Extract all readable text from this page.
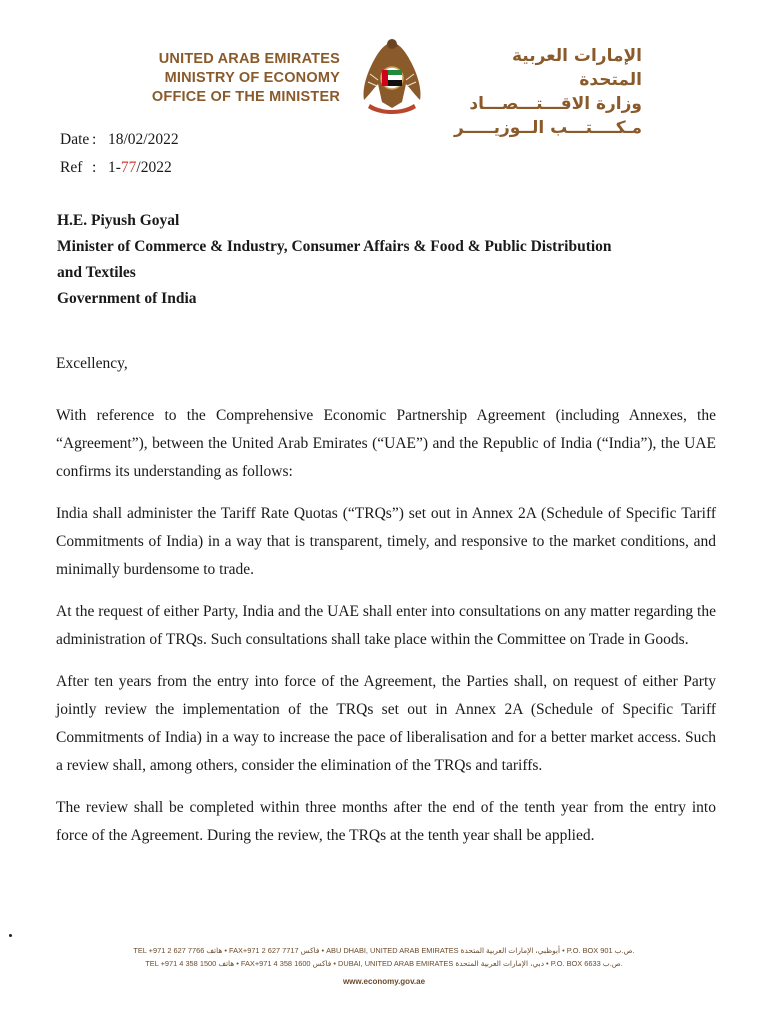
UNITED ARAB EMIRATES
MINISTRY OF ECONOMY
OFFICE OF THE MINISTER
الإمارات العربية المتحدة
وزارة الاقـــتـــصـــاد
مـكــــتـــب الــوزيـــــر
Date : 18/02/2022
Ref : 1-77/2022
H.E. Piyush Goyal
Minister of Commerce & Industry, Consumer Affairs & Food & Public Distribution
and Textiles
Government of India

Excellency,

With reference to the Comprehensive Economic Partnership Agreement (including Annexes, the “Agreement”), between the United Arab Emirates (“UAE”) and the Republic of India (“India”), the UAE confirms its understanding as follows:

India shall administer the Tariff Rate Quotas (“TRQs”) set out in Annex 2A (Schedule of Specific Tariff Commitments of India) in a way that is transparent, timely, and responsive to the market conditions, and minimally burdensome to trade.

At the request of either Party, India and the UAE shall enter into consultations on any matter regarding the administration of TRQs. Such consultations shall take place within the Committee on Trade in Goods.

After ten years from the entry into force of the Agreement, the Parties shall, on request of either Party jointly review the implementation of the TRQs set out in Annex 2A (Schedule of Specific Tariff Commitments of India) in a way to increase the pace of liberalisation and for a better market access. Such a review shall, among others, consider the elimination of the TRQs and tariffs.

The review shall be completed within three months after the end of the tenth year from the entry into force of the Agreement. During the review, the TRQs at the tenth year shall be applied.

TEL +971 2 627 7766 هاتف • FAX+971 2 627 7717 فاكس • ABU DHABI, UNITED ARAB EMIRATES أبوظبي، الإمارات العربية المتحدة • P.O. BOX 901 ص.ب.
TEL +971 4 358 1500 هاتف • FAX+971 4 358 1600 فاكس • DUBAI, UNITED ARAB EMIRATES دبي، الإمارات العربية المتحدة • P.O. BOX 6633 ص.ب.
www.economy.gov.ae
